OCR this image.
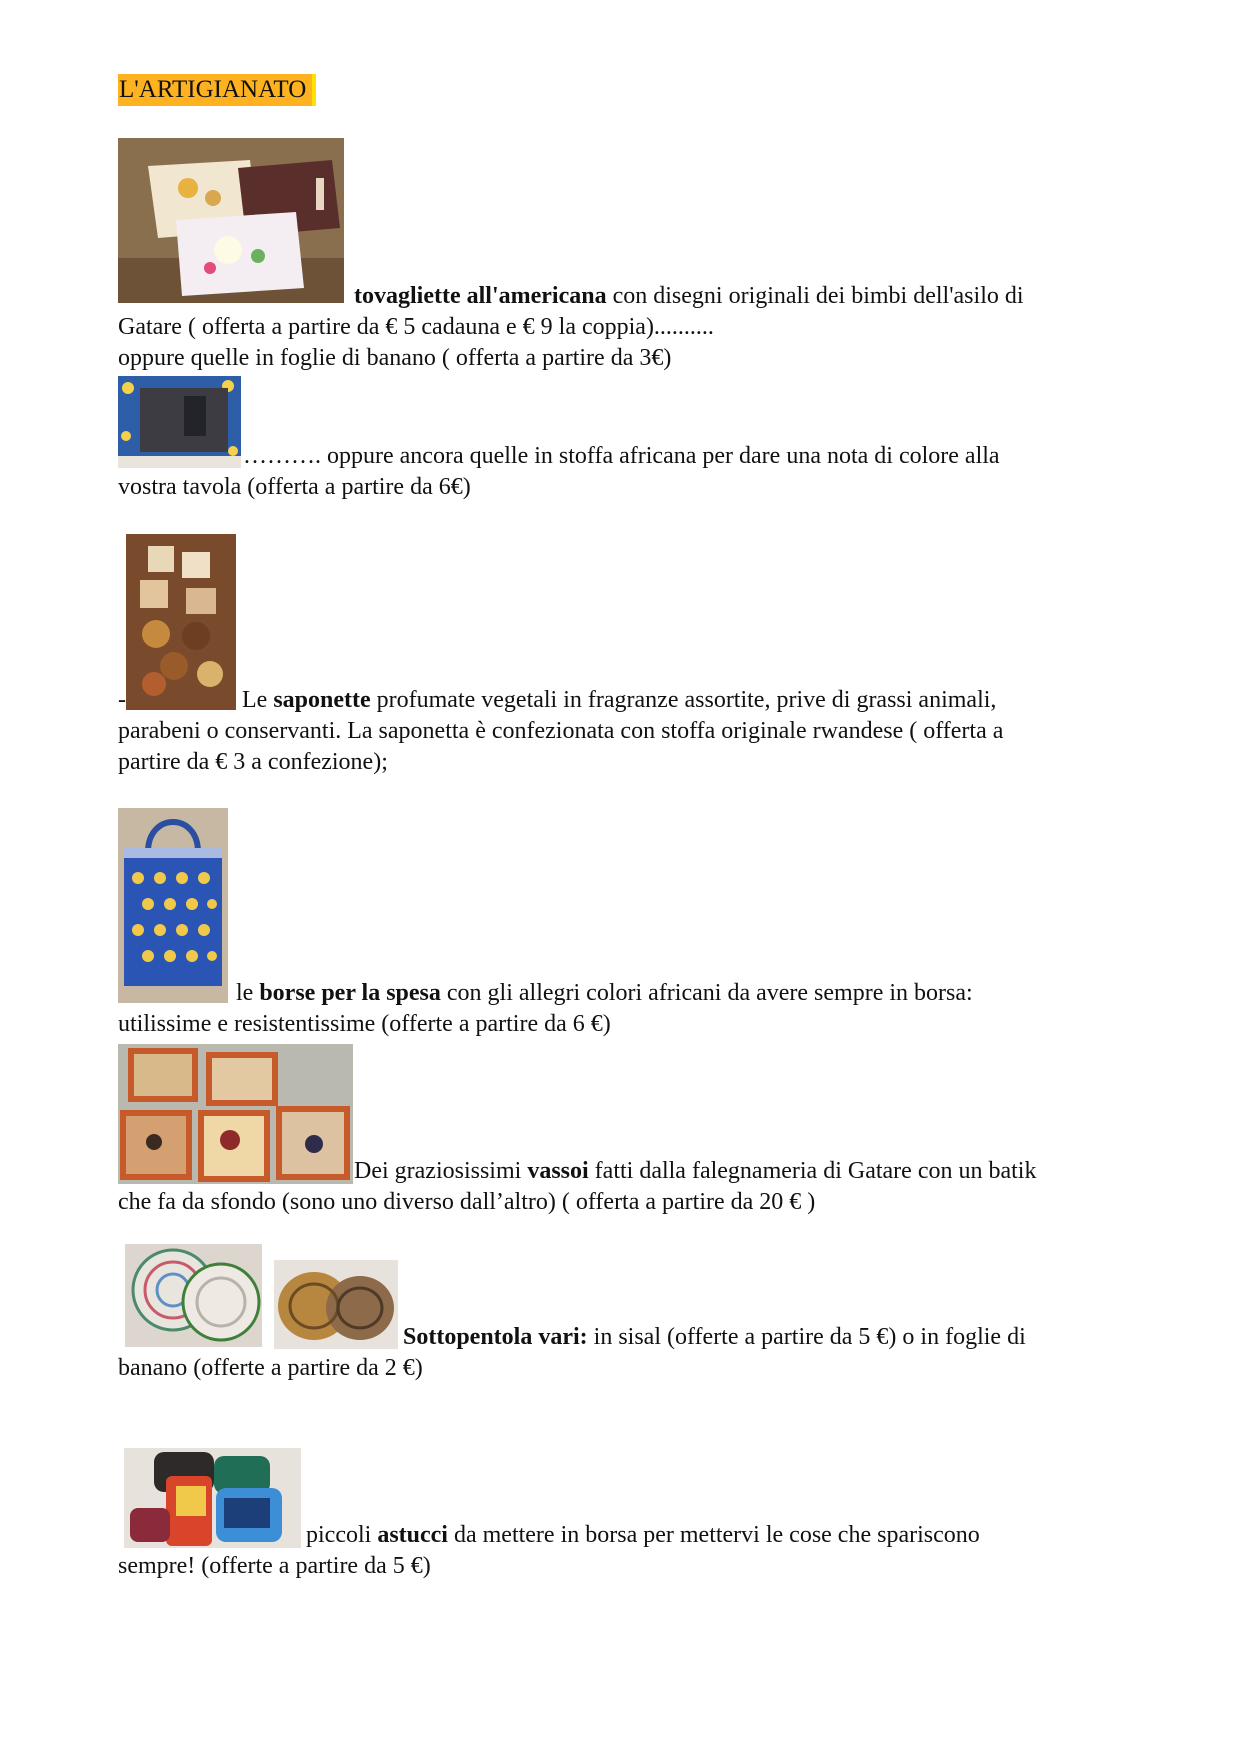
L'ARTIGIANATO

tovagliette all'americana con disegni originali dei bimbi dell'asilo di
Gatare ( offerta a partire da € 5 cadauna e € 9 la coppia)..........
oppure quelle in foglie di banano ( offerta a partire da 3€)

………. oppure ancora quelle in stoffa africana per dare una nota di colore alla
vostra tavola (offerta a partire da 6€)

-	Le saponette profumate vegetali in fragranze assortite, prive di grassi animali,
parabeni o conservanti. La saponetta è confezionata con stoffa originale rwandese ( offerta a
partire da € 3 a confezione);

le borse per la spesa con gli allegri colori africani da avere sempre in borsa:
utilissime e resistentissime (offerte a partire da 6 €)

Dei graziosissimi vassoi fatti dalla falegnameria di Gatare con un batik
che fa da sfondo (sono uno diverso dall’altro) ( offerta a partire da 20 € )

Sottopentola vari: in sisal (offerte a partire da 5 €) o in foglie di
banano (offerte a partire da 2 €)

piccoli astucci da mettere in borsa per mettervi le cose che spariscono
sempre! (offerte a partire da 5 €)
